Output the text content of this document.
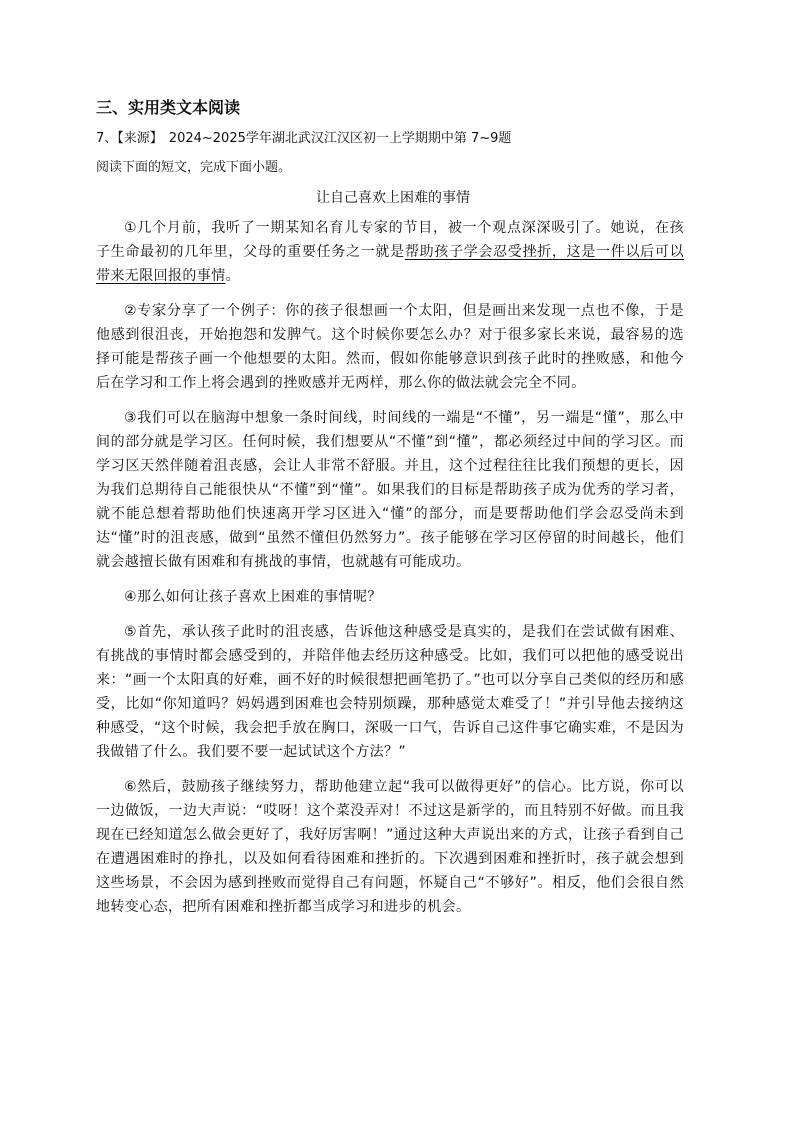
三、实用类文本阅读
7、【来源】 2024~2025学年湖北武汉江汉区初一上学期期中第 7~9题
阅读下面的短文，完成下面小题。
让自己喜欢上困难的事情

①几个月前，我听了一期某知名育儿专家的节目，被一个观点深深吸引了。她说，在孩子生命最初的几年里，父母的重要任务之一就是帮助孩子学会忍受挫折，这是一件以后可以带来无限回报的事情。

②专家分享了一个例子：你的孩子很想画一个太阳，但是画出来发现一点也不像，于是他感到很沮丧，开始抱怨和发脾气。这个时候你要怎么办？对于很多家长来说，最容易的选择可能是帮孩子画一个他想要的太阳。然而，假如你能够意识到孩子此时的挫败感，和他今后在学习和工作上将会遇到的挫败感并无两样，那么你的做法就会完全不同。

③我们可以在脑海中想象一条时间线，时间线的一端是“不懂”，另一端是“懂”，那么中间的部分就是学习区。任何时候，我们想要从“不懂”到“懂”，都必须经过中间的学习区。而学习区天然伴随着沮丧感，会让人非常不舒服。并且，这个过程往往比我们预想的更长，因为我们总期待自己能很快从“不懂”到“懂”。如果我们的目标是帮助孩子成为优秀的学习者，就不能总想着帮助他们快速离开学习区进入“懂”的部分，而是要帮助他们学会忍受尚未到达“懂”时的沮丧感，做到“虽然不懂但仍然努力”。孩子能够在学习区停留的时间越长，他们就会越擅长做有困难和有挑战的事情，也就越有可能成功。

④那么如何让孩子喜欢上困难的事情呢？

⑤首先，承认孩子此时的沮丧感，告诉他这种感受是真实的，是我们在尝试做有困难、有挑战的事情时都会感受到的，并陪伴他去经历这种感受。比如，我们可以把他的感受说出来：“画一个太阳真的好难，画不好的时候很想把画笔扔了。”也可以分享自己类似的经历和感受，比如“你知道吗？妈妈遇到困难也会特别烦躁，那种感觉太难受了！”并引导他去接纳这种感受，“这个时候，我会把手放在胸口，深吸一口气，告诉自己这件事它确实难，不是因为我做错了什么。我们要不要一起试试这个方法？”

⑥然后，鼓励孩子继续努力，帮助他建立起“我可以做得更好”的信心。比方说，你可以一边做饭，一边大声说：“哎呀！这个菜没弄对！不过这是新学的，而且特别不好做。而且我现在已经知道怎么做会更好了，我好厉害啊！”通过这种大声说出来的方式，让孩子看到自己在遭遇困难时的挣扎，以及如何看待困难和挫折的。下次遇到困难和挫折时，孩子就会想到这些场景，不会因为感到挫败而觉得自己有问题，怀疑自己“不够好”。相反，他们会很自然地转变心态，把所有困难和挫折都当成学习和进步的机会。
